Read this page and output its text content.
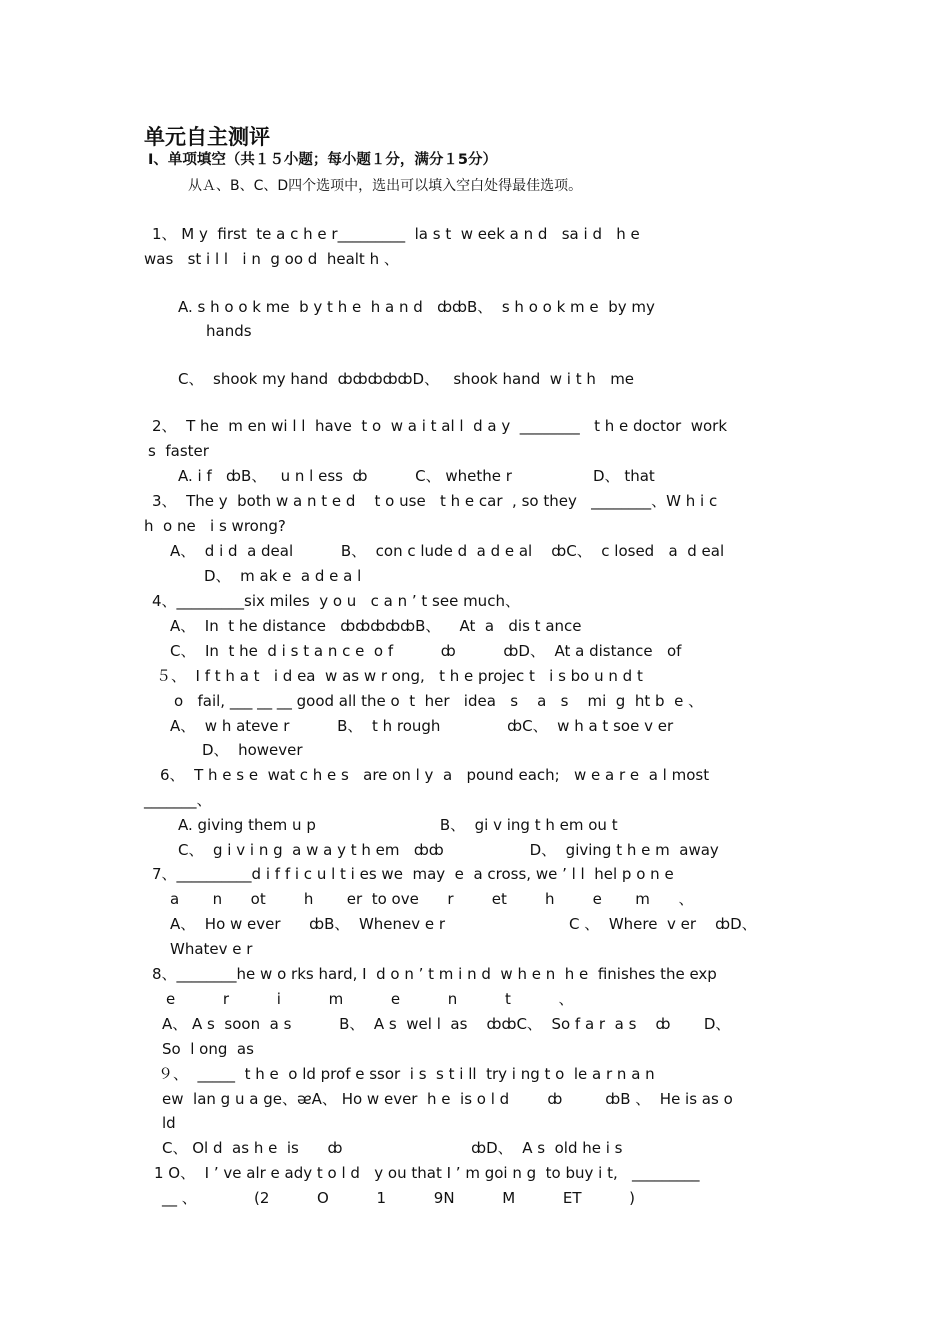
单元自主测评
Ⅰ、单项填空（共１５小题；每小题１分，满分１5分）
从Ａ、B、C、D四个选项中，选出可以填入空白处得最佳选项。
1、 M y  first  te a c h e r_________  la s t  w eek a n d   sa i d   h e
was   st i l l   i n  g oo d  healt h 、
A. s h o o k me  b y t h e  h a n d   ȸȸB、  s h o o k m e  by my
hands
C、  shook my hand  ȸȸȸȸȸD、   shook hand  w i t h   me
2、  T he  m en wi l l  have  t o  w a i t al l  d a y  ________   t h e doctor  work
s  faster
A. i f   ȸB、   u n l ess  ȸ          C、 whethe r                 D、 that
3、  The y  both w a n t e d    t o use   t h e car  , so they   ________、W h i c
h  o ne   i s wrong?
A、  d i d  a deal          B、  con c lude d  a d e al    ȸC、  c losed   a  d eal
D、  m ak e  a d e a l
4、_________six miles  y o u   c a n ’ t see much、
A、  In  t he distance   ȸȸȸȸȸB、    At  a   dis t ance
C、  In  t he  d i s t a n c e  o f          ȸ          ȸD、  At a distance   of
５、  I f t h a t   i d ea  w as w r ong,   t h e projec t   i s bo u n d t
o   fail, ___ __ __ good all the o  t  her   idea   s    a   s    mi  g  ht b  e 、
A、  w h ateve r          B、  t h rough              ȸC、  w h a t soe v er
D、  however
6、  T h e s e  wat c h e s   are on l y  a   pound each;   w e a r e  a l most
_______、
A. giving them u p                          B、  gi v ing t h em ou t
C、  g i v i n g  a w a y t h em   ȸȸ                  D、  giving t h e m  away
7、__________d i f f i c u l t i es we  may  e  a cross, we ’ l l  hel p o n e
a       n      ot        h       er  to ove      r        et        h        e       m      、
A、  Ho w ever      ȸB、  Whenev e r                          C 、  Where  v er    ȸD、
Whatev e r
8、________he w o rks hard, I  d o n ’ t m i n d  w h e n  h e  finishes the exp
e          r          i          m          e          n          t          、
A、 A s  soon  a s          B、  A s  wel l  as    ȸȸC、  So f a r  a s    ȸ       D、
So  l ong  as
９、  _____  t h e  o ld prof e ssor  i s  s t i ll  try i ng t o  le a r n a n
ew  lan g u a ge、ᴂA、 Ho w ever  h e  is o l d        ȸ         ȸB 、  He is as o
ld
C、 Ol d  as h e  is      ȸ                           ȸD、  A s  old he i s
1 O、  I ’ ve alr e ady t o l d   y ou that I ’ m goi n g  to buy i t,   _________
__ 、            (2          O          1          9N          M          ET          )
